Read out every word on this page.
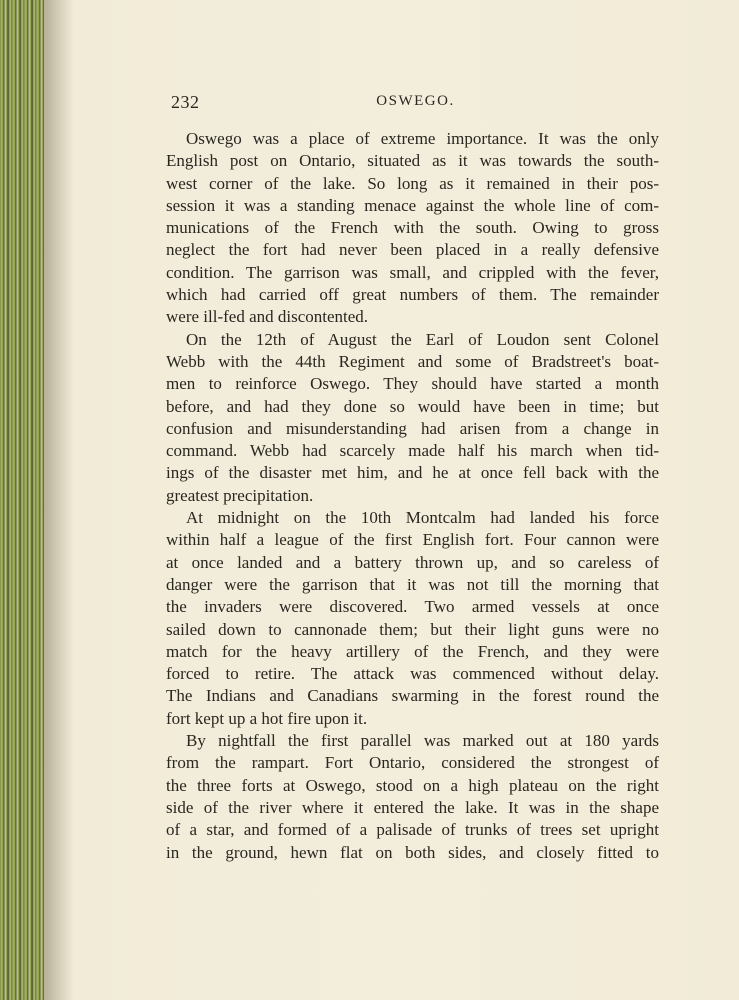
232	OSWEGO.
Oswego was a place of extreme importance. It was the only
English post on Ontario, situated as it was towards the south-
west corner of the lake. So long as it remained in their pos-
session it was a standing menace against the whole line of com-
munications of the French with the south. Owing to gross
neglect the fort had never been placed in a really defensive
condition. The garrison was small, and crippled with the fever,
which had carried off great numbers of them. The remainder
were ill-fed and discontented.
On the 12th of August the Earl of Loudon sent Colonel
Webb with the 44th Regiment and some of Bradstreet's boat-
men to reinforce Oswego. They should have started a month
before, and had they done so would have been in time; but
confusion and misunderstanding had arisen from a change in
command. Webb had scarcely made half his march when tid-
ings of the disaster met him, and he at once fell back with the
greatest precipitation.
At midnight on the 10th Montcalm had landed his force
within half a league of the first English fort. Four cannon were
at once landed and a battery thrown up, and so careless of
danger were the garrison that it was not till the morning that
the invaders were discovered. Two armed vessels at once
sailed down to cannonade them; but their light guns were no
match for the heavy artillery of the French, and they were
forced to retire. The attack was commenced without delay.
The Indians and Canadians swarming in the forest round the
fort kept up a hot fire upon it.
By nightfall the first parallel was marked out at 180 yards
from the rampart. Fort Ontario, considered the strongest of
the three forts at Oswego, stood on a high plateau on the right
side of the river where it entered the lake. It was in the shape
of a star, and formed of a palisade of trunks of trees set upright
in the ground, hewn flat on both sides, and closely fitted to
